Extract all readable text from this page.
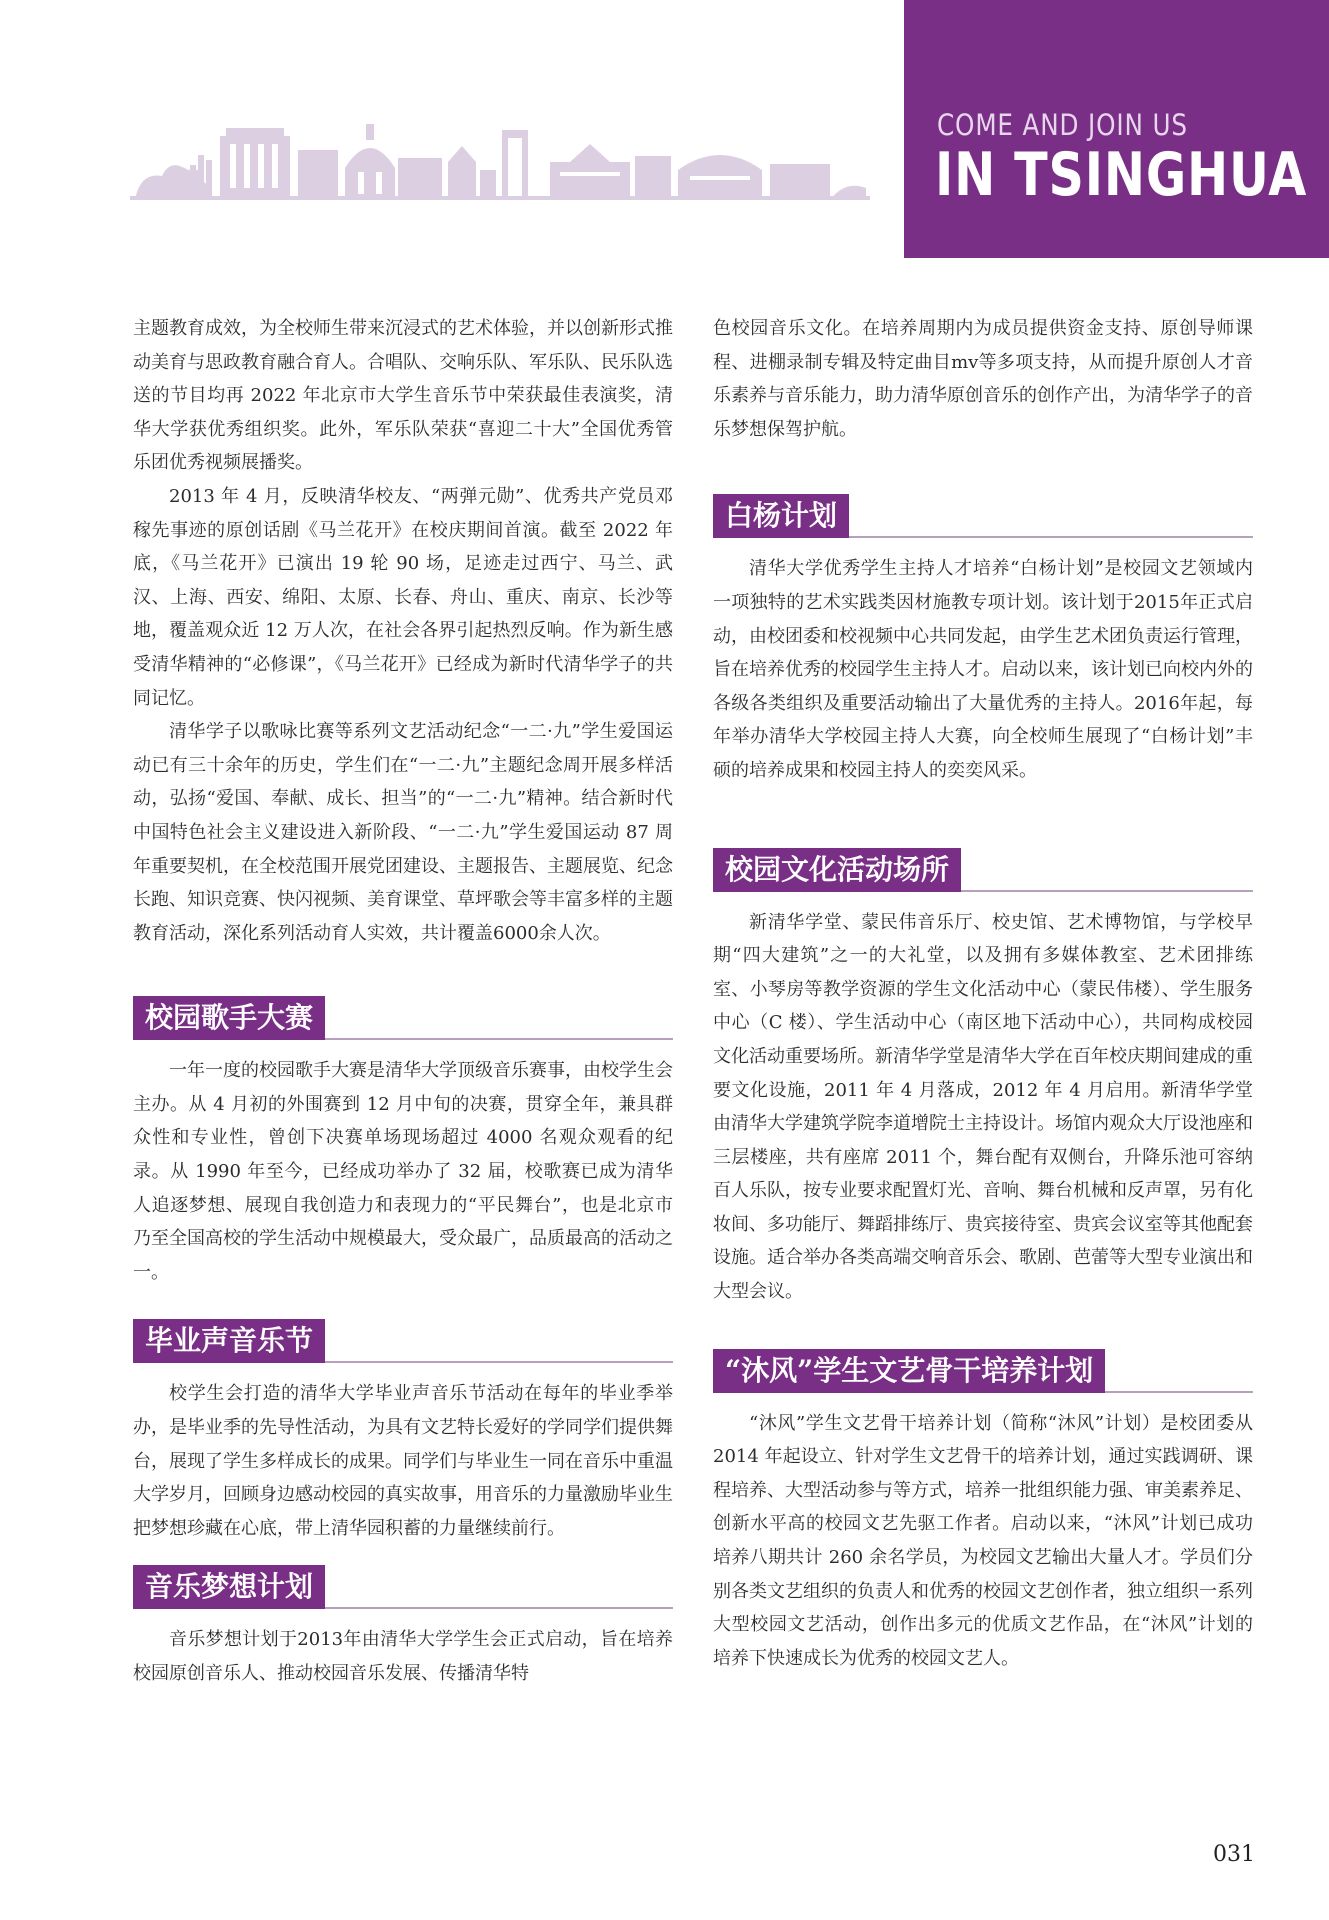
COME AND JOIN US
IN TSINGHUA

主题教育成效，为全校师生带来沉浸式的艺术体验，并以创新形式推动美育与思政教育融合育人。合唱队、交响乐队、军乐队、民乐队选送的节目均再 2022 年北京市大学生音乐节中荣获最佳表演奖，清华大学获优秀组织奖。此外，军乐队荣获“喜迎二十大”全国优秀管乐团优秀视频展播奖。

2013 年 4 月，反映清华校友、“两弹元勋”、优秀共产党员邓稼先事迹的原创话剧《马兰花开》在校庆期间首演。截至 2022 年底，《马兰花开》已演出 19 轮 90 场，足迹走过西宁、马兰、武汉、上海、西安、绵阳、太原、长春、舟山、重庆、南京、长沙等地，覆盖观众近 12 万人次，在社会各界引起热烈反响。作为新生感受清华精神的“必修课”，《马兰花开》已经成为新时代清华学子的共同记忆。

清华学子以歌咏比赛等系列文艺活动纪念“一二·九”学生爱国运动已有三十余年的历史，学生们在“一二·九”主题纪念周开展多样活动，弘扬“爱国、奉献、成长、担当”的“一二·九”精神。结合新时代中国特色社会主义建设进入新阶段、“一二·九”学生爱国运动 87 周年重要契机，在全校范围开展党团建设、主题报告、主题展览、纪念长跑、知识竞赛、快闪视频、美育课堂、草坪歌会等丰富多样的主题教育活动，深化系列活动育人实效，共计覆盖6000余人次。

校园歌手大赛

一年一度的校园歌手大赛是清华大学顶级音乐赛事，由校学生会主办。从 4 月初的外围赛到 12 月中旬的决赛，贯穿全年，兼具群众性和专业性，曾创下决赛单场现场超过 4000 名观众观看的纪录。从 1990 年至今，已经成功举办了 32 届，校歌赛已成为清华人追逐梦想、展现自我创造力和表现力的“平民舞台”，也是北京市乃至全国高校的学生活动中规模最大，受众最广，品质最高的活动之一。

毕业声音乐节

校学生会打造的清华大学毕业声音乐节活动在每年的毕业季举办，是毕业季的先导性活动，为具有文艺特长爱好的学同学们提供舞台，展现了学生多样成长的成果。同学们与毕业生一同在音乐中重温大学岁月，回顾身边感动校园的真实故事，用音乐的力量激励毕业生把梦想珍藏在心底，带上清华园积蓄的力量继续前行。

音乐梦想计划

音乐梦想计划于2013年由清华大学学生会正式启动，旨在培养校园原创音乐人、推动校园音乐发展、传播清华特

色校园音乐文化。在培养周期内为成员提供资金支持、原创导师课程、进棚录制专辑及特定曲目mv等多项支持，从而提升原创人才音乐素养与音乐能力，助力清华原创音乐的创作产出，为清华学子的音乐梦想保驾护航。

白杨计划

清华大学优秀学生主持人才培养“白杨计划”是校园文艺领域内一项独特的艺术实践类因材施教专项计划。该计划于2015年正式启动，由校团委和校视频中心共同发起，由学生艺术团负责运行管理，旨在培养优秀的校园学生主持人才。启动以来，该计划已向校内外的各级各类组织及重要活动输出了大量优秀的主持人。2016年起，每年举办清华大学校园主持人大赛，向全校师生展现了“白杨计划”丰硕的培养成果和校园主持人的奕奕风采。

校园文化活动场所

新清华学堂、蒙民伟音乐厅、校史馆、艺术博物馆，与学校早期“四大建筑”之一的大礼堂，以及拥有多媒体教室、艺术团排练室、小琴房等教学资源的学生文化活动中心（蒙民伟楼）、学生服务中心（C 楼）、学生活动中心（南区地下活动中心），共同构成校园文化活动重要场所。新清华学堂是清华大学在百年校庆期间建成的重要文化设施，2011 年 4 月落成，2012 年 4 月启用。新清华学堂由清华大学建筑学院李道增院士主持设计。场馆内观众大厅设池座和三层楼座，共有座席 2011 个，舞台配有双侧台，升降乐池可容纳百人乐队，按专业要求配置灯光、音响、舞台机械和反声罩，另有化妆间、多功能厅、舞蹈排练厅、贵宾接待室、贵宾会议室等其他配套设施。适合举办各类高端交响音乐会、歌剧、芭蕾等大型专业演出和大型会议。

“沐风”学生文艺骨干培养计划

“沐风”学生文艺骨干培养计划（简称“沐风”计划）是校团委从 2014 年起设立、针对学生文艺骨干的培养计划，通过实践调研、课程培养、大型活动参与等方式，培养一批组织能力强、审美素养足、创新水平高的校园文艺先驱工作者。启动以来，“沐风”计划已成功培养八期共计 260 余名学员，为校园文艺输出大量人才。学员们分别各类文艺组织的负责人和优秀的校园文艺创作者，独立组织一系列大型校园文艺活动，创作出多元的优质文艺作品，在“沐风”计划的培养下快速成长为优秀的校园文艺人。

031
